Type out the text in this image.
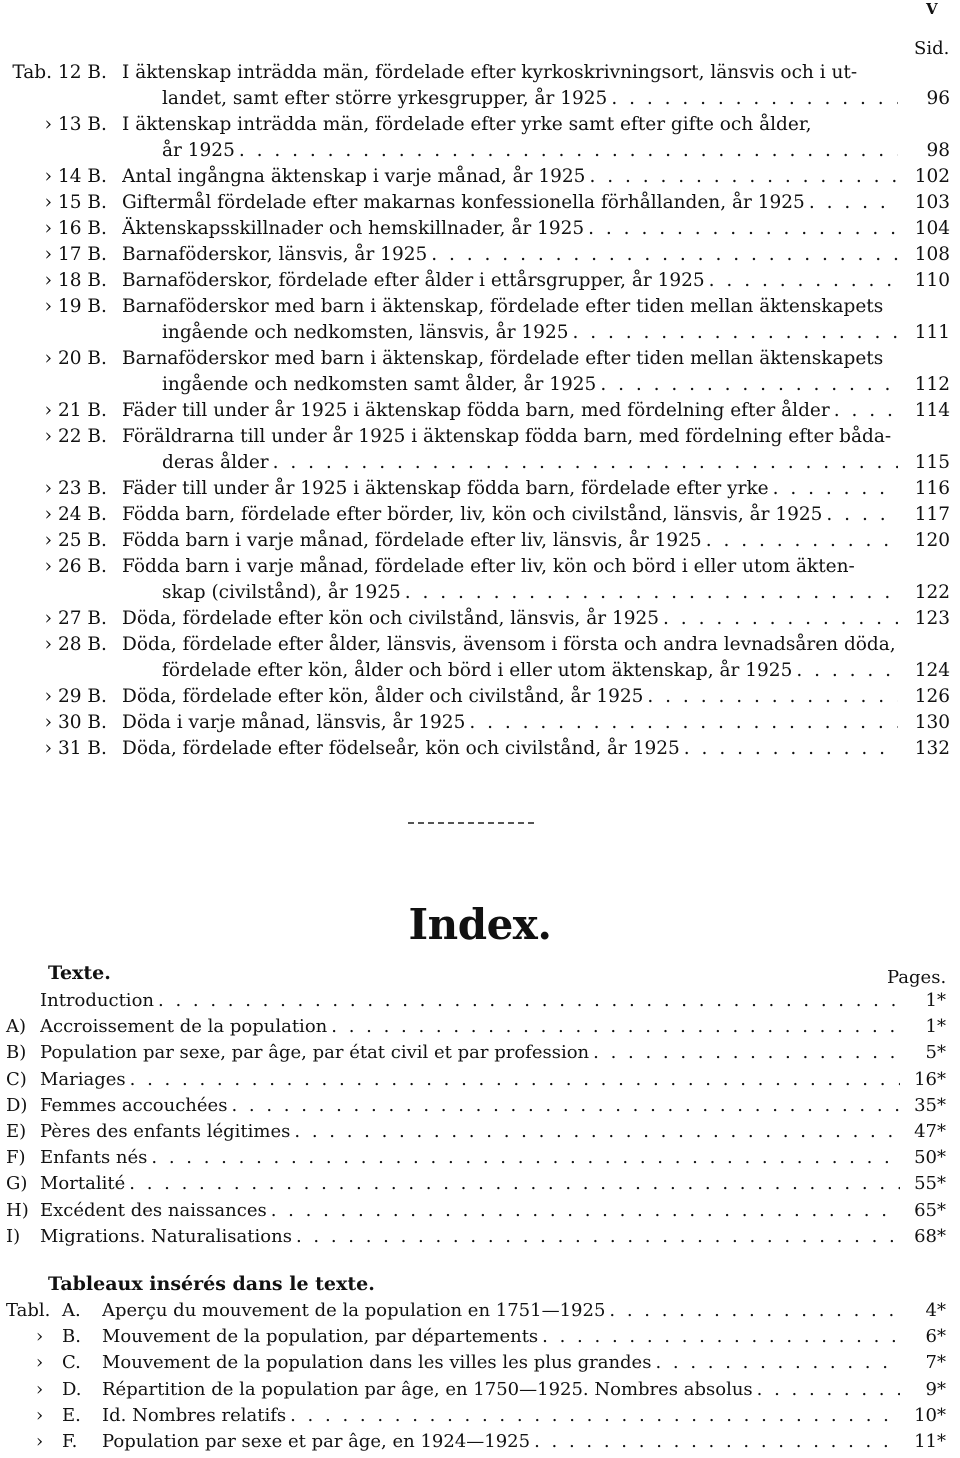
V
Sid.
Tab. 12 B. I äktenskap inträdda män, fördelade efter kyrkoskrivningsort, länsvis och i ut-
landet, samt efter större yrkesgrupper, år 1925 . . .	96
› 13 B. I äktenskap inträdda män, fördelade efter yrke samt efter gifte och ålder,
år 1925 . . .	98
› 14 B. Antal ingångna äktenskap i varje månad, år 1925 . . .	102
› 15 B. Giftermål fördelade efter makarnas konfessionella förhållanden, år 1925 . . .	103
› 16 B. Äktenskapsskillnader och hemskillnader, år 1925 . . .	104
› 17 B. Barnaföderskor, länsvis, år 1925 . . .	108
› 18 B. Barnaföderskor, fördelade efter ålder i ettårsgrupper, år 1925 . . .	110
› 19 B. Barnaföderskor med barn i äktenskap, fördelade efter tiden mellan äktenskapets
ingående och nedkomsten, länsvis, år 1925 . . .	111
› 20 B. Barnaföderskor med barn i äktenskap, fördelade efter tiden mellan äktenskapets
ingående och nedkomsten samt ålder, år 1925 . . .	112
› 21 B. Fäder till under år 1925 i äktenskap födda barn, med fördelning efter ålder . . .	114
› 22 B. Föräldrarna till under år 1925 i äktenskap födda barn, med fördelning efter båda-
deras ålder . . .	115
› 23 B. Fäder till under år 1925 i äktenskap födda barn, fördelade efter yrke . . .	116
› 24 B. Födda barn, fördelade efter börder, liv, kön och civilstånd, länsvis, år 1925 . . .	117
› 25 B. Födda barn i varje månad, fördelade efter liv, länsvis, år 1925 . . .	120
› 26 B. Födda barn i varje månad, fördelade efter liv, kön och börd i eller utom äkten-
skap (civilstånd), år 1925 . . .	122
› 27 B. Döda, fördelade efter kön och civilstånd, länsvis, år 1925 . . .	123
› 28 B. Döda, fördelade efter ålder, länsvis, ävensom i första och andra levnadsåren döda,
fördelade efter kön, ålder och börd i eller utom äktenskap, år 1925 . . .	124
› 29 B. Döda, fördelade efter kön, ålder och civilstånd, år 1925 . . .	126
› 30 B. Döda i varje månad, länsvis, år 1925 . . .	130
› 31 B. Döda, fördelade efter födelseår, kön och civilstånd, år 1925 . . .	132
Index.
Texte.	Pages.
Introduction . . .	1*
A) Accroissement de la population . . .	1*
B) Population par sexe, par âge, par état civil et par profession . . .	5*
C) Mariages . . .	16*
D) Femmes accouchées . . .	35*
E) Pères des enfants légitimes . . .	47*
F) Enfants nés . . .	50*
G) Mortalité . . .	55*
H) Excédent des naissances . . .	65*
I)	Migrations. Naturalisations . . .	68*
Tableaux insérés dans le texte.
Tabl. A.	Aperçu du mouvement de la population en 1751—1925 . . .	4*
›	B.	Mouvement de la population, par départements . . .	6*
›	C.	Mouvement de la population dans les villes les plus grandes . . .	7*
›	D.	Répartition de la population par âge, en 1750—1925. Nombres absolus . . .	9*
›	E.	Id. Nombres relatifs . . .	10*
›	F.	Population par sexe et par âge, en 1924—1925 . . .	11*
